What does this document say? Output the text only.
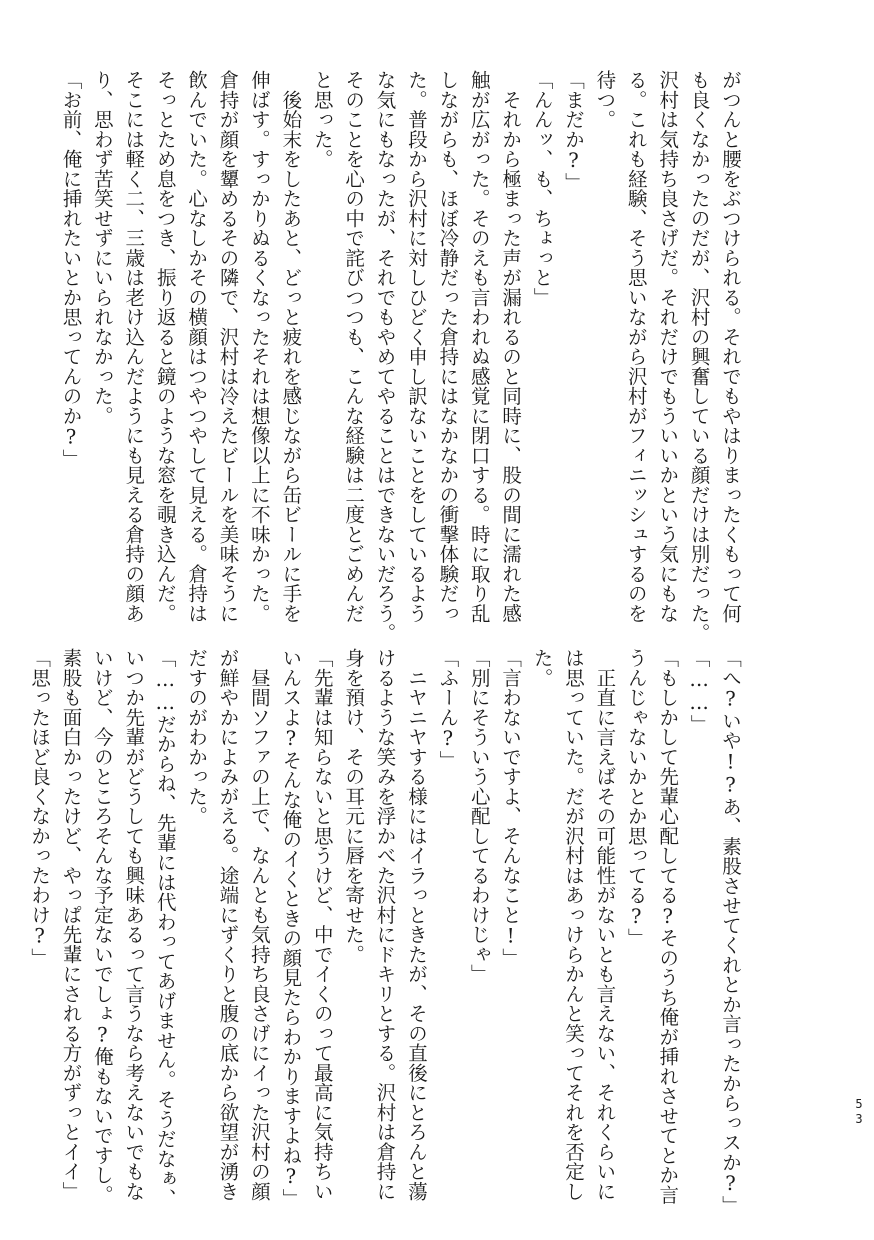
がつんと腰をぶつけられる。それでもやはりまったくもって何
も良くなかったのだが、沢村の興奮している顔だけは別だった。
沢村は気持ち良さげだ。それだけでもういいかという気にもな
る。これも経験、そう思いながら沢村がフィニッシュするのを
待つ。
「まだか?」
「んんッ、も、ちょっと」
　それから極まった声が漏れるのと同時に、股の間に濡れた感
触が広がった。そのえも言われぬ感覚に閉口する。時に取り乱
しながらも、ほぼ冷静だった倉持にはなかなかの衝撃体験だっ
た。普段から沢村に対しひどく申し訳ないことをしているよう
な気にもなったが、それでもやめてやることはできないだろう。
そのことを心の中で詫びつつも、こんな経験は二度とごめんだ
と思った。
　後始末をしたあと、どっと疲れを感じながら缶ビールに手を
伸ばす。すっかりぬるくなったそれは想像以上に不味かった。
倉持が顔を顰めるその隣で、沢村は冷えたビールを美味そうに
飲んでいた。心なしかその横顔はつやつやして見える。倉持は
そっとため息をつき、振り返ると鏡のような窓を覗き込んだ。
そこには軽く二、三歳は老け込んだようにも見える倉持の顔あ
り、思わず苦笑せずにいられなかった。
「お前、俺に挿れたいとか思ってんのか?」
「へ?いや!?あ、素股させてくれとか言ったからっスか?」
「……」
「もしかして先輩心配してる?そのうち俺が挿れさせてとか言
うんじゃないかとか思ってる?」
　正直に言えばその可能性がないとも言えない、それくらいに
は思っていた。だが沢村はあっけらかんと笑ってそれを否定し
た。
「言わないですよ、そんなこと!」
「別にそういう心配してるわけじゃ」
「ふーん?」
　ニヤニヤする様にはイラっときたが、その直後にとろんと蕩
けるような笑みを浮かべた沢村にドキリとする。沢村は倉持に
身を預け、その耳元に唇を寄せた。
「先輩は知らないと思うけど、中でイくのって最高に気持ちい
いんスよ?そんな俺のイくときの顔見たらわかりますよね?」
　昼間ソファの上で、なんとも気持ち良さげにイった沢村の顔
が鮮やかによみがえる。途端にずくりと腹の底から欲望が湧き
だすのがわかった。
「……だからね、先輩には代わってあげません。そうだなぁ、
いつか先輩がどうしても興味あるって言うなら考えないでもな
いけど、今のところそんな予定ないでしょ?俺もないですし。
素股も面白かったけど、やっぱ先輩にされる方がずっとイイ」
「思ったほど良くなかったわけ?」
53
